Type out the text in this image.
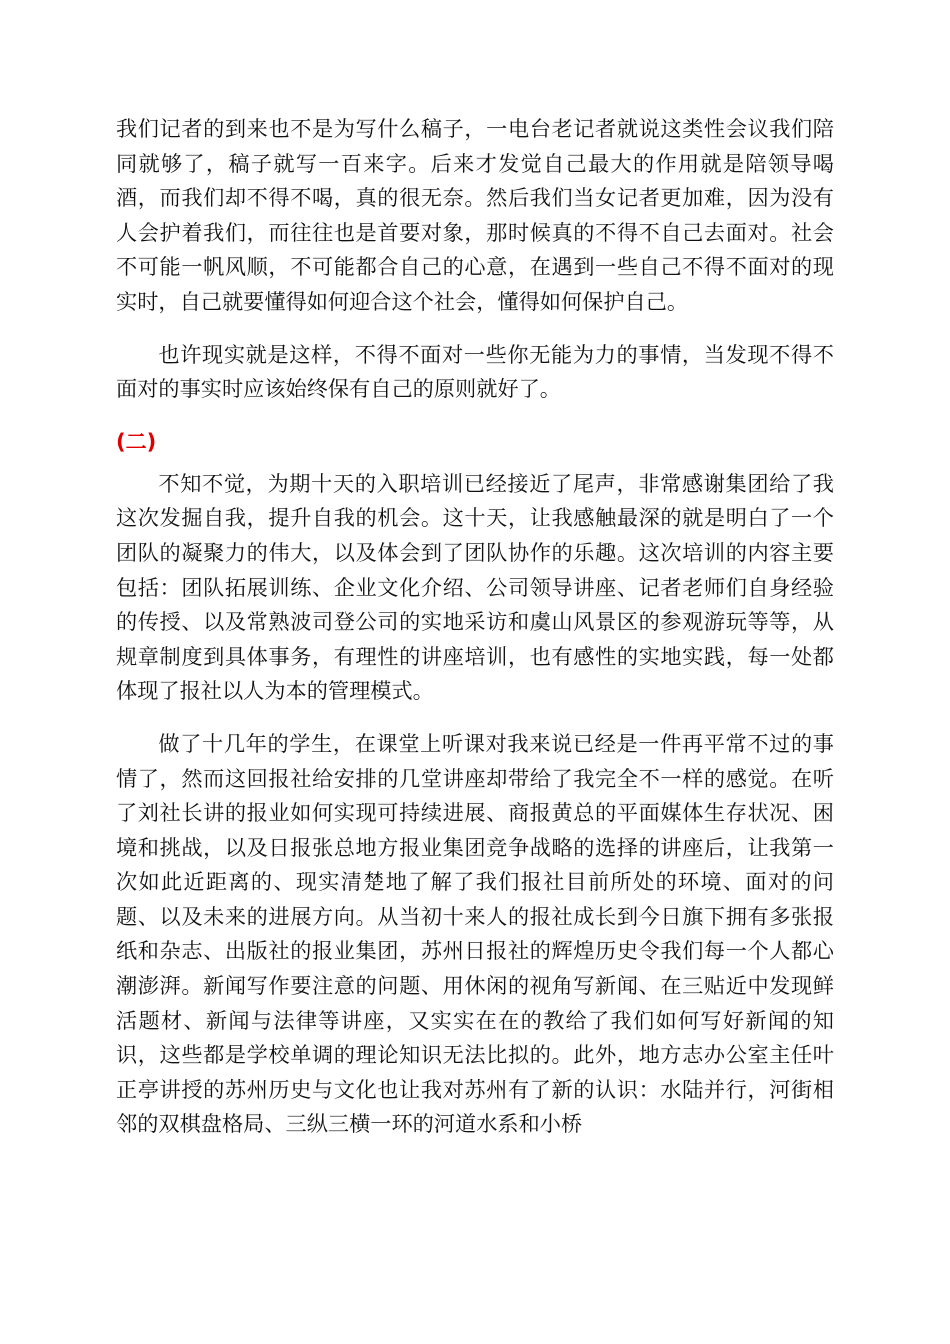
我们记者的到来也不是为写什么稿子，一电台老记者就说这类性会议我们陪同就够了，稿子就写一百来字。后来才发觉自己最大的作用就是陪领导喝酒，而我们却不得不喝，真的很无奈。然后我们当女记者更加难，因为没有人会护着我们，而往往也是首要对象，那时候真的不得不自己去面对。社会不可能一帆风顺，不可能都合自己的心意，在遇到一些自己不得不面对的现实时，自己就要懂得如何迎合这个社会，懂得如何保护自己。

也许现实就是这样，不得不面对一些你无能为力的事情，当发现不得不面对的事实时应该始终保有自己的原则就好了。

(二)

不知不觉，为期十天的入职培训已经接近了尾声，非常感谢集团给了我这次发掘自我，提升自我的机会。这十天，让我感触最深的就是明白了一个团队的凝聚力的伟大，以及体会到了团队协作的乐趣。这次培训的内容主要包括：团队拓展训练、企业文化介绍、公司领导讲座、记者老师们自身经验的传授、以及常熟波司登公司的实地采访和虞山风景区的参观游玩等等，从规章制度到具体事务，有理性的讲座培训，也有感性的实地实践，每一处都体现了报社以人为本的管理模式。

做了十几年的学生，在课堂上听课对我来说已经是一件再平常不过的事情了，然而这回报社给安排的几堂讲座却带给了我完全不一样的感觉。在听了刘社长讲的报业如何实现可持续进展、商报黄总的平面媒体生存状况、困境和挑战，以及日报张总地方报业集团竞争战略的选择的讲座后，让我第一次如此近距离的、现实清楚地了解了我们报社目前所处的环境、面对的问题、以及未来的进展方向。从当初十来人的报社成长到今日旗下拥有多张报纸和杂志、出版社的报业集团，苏州日报社的辉煌历史令我们每一个人都心潮澎湃。新闻写作要注意的问题、用休闲的视角写新闻、在三贴近中发现鲜活题材、新闻与法律等讲座，又实实在在的教给了我们如何写好新闻的知识，这些都是学校单调的理论知识无法比拟的。此外，地方志办公室主任叶正亭讲授的苏州历史与文化也让我对苏州有了新的认识：水陆并行，河街相邻的双棋盘格局、三纵三横一环的河道水系和小桥
